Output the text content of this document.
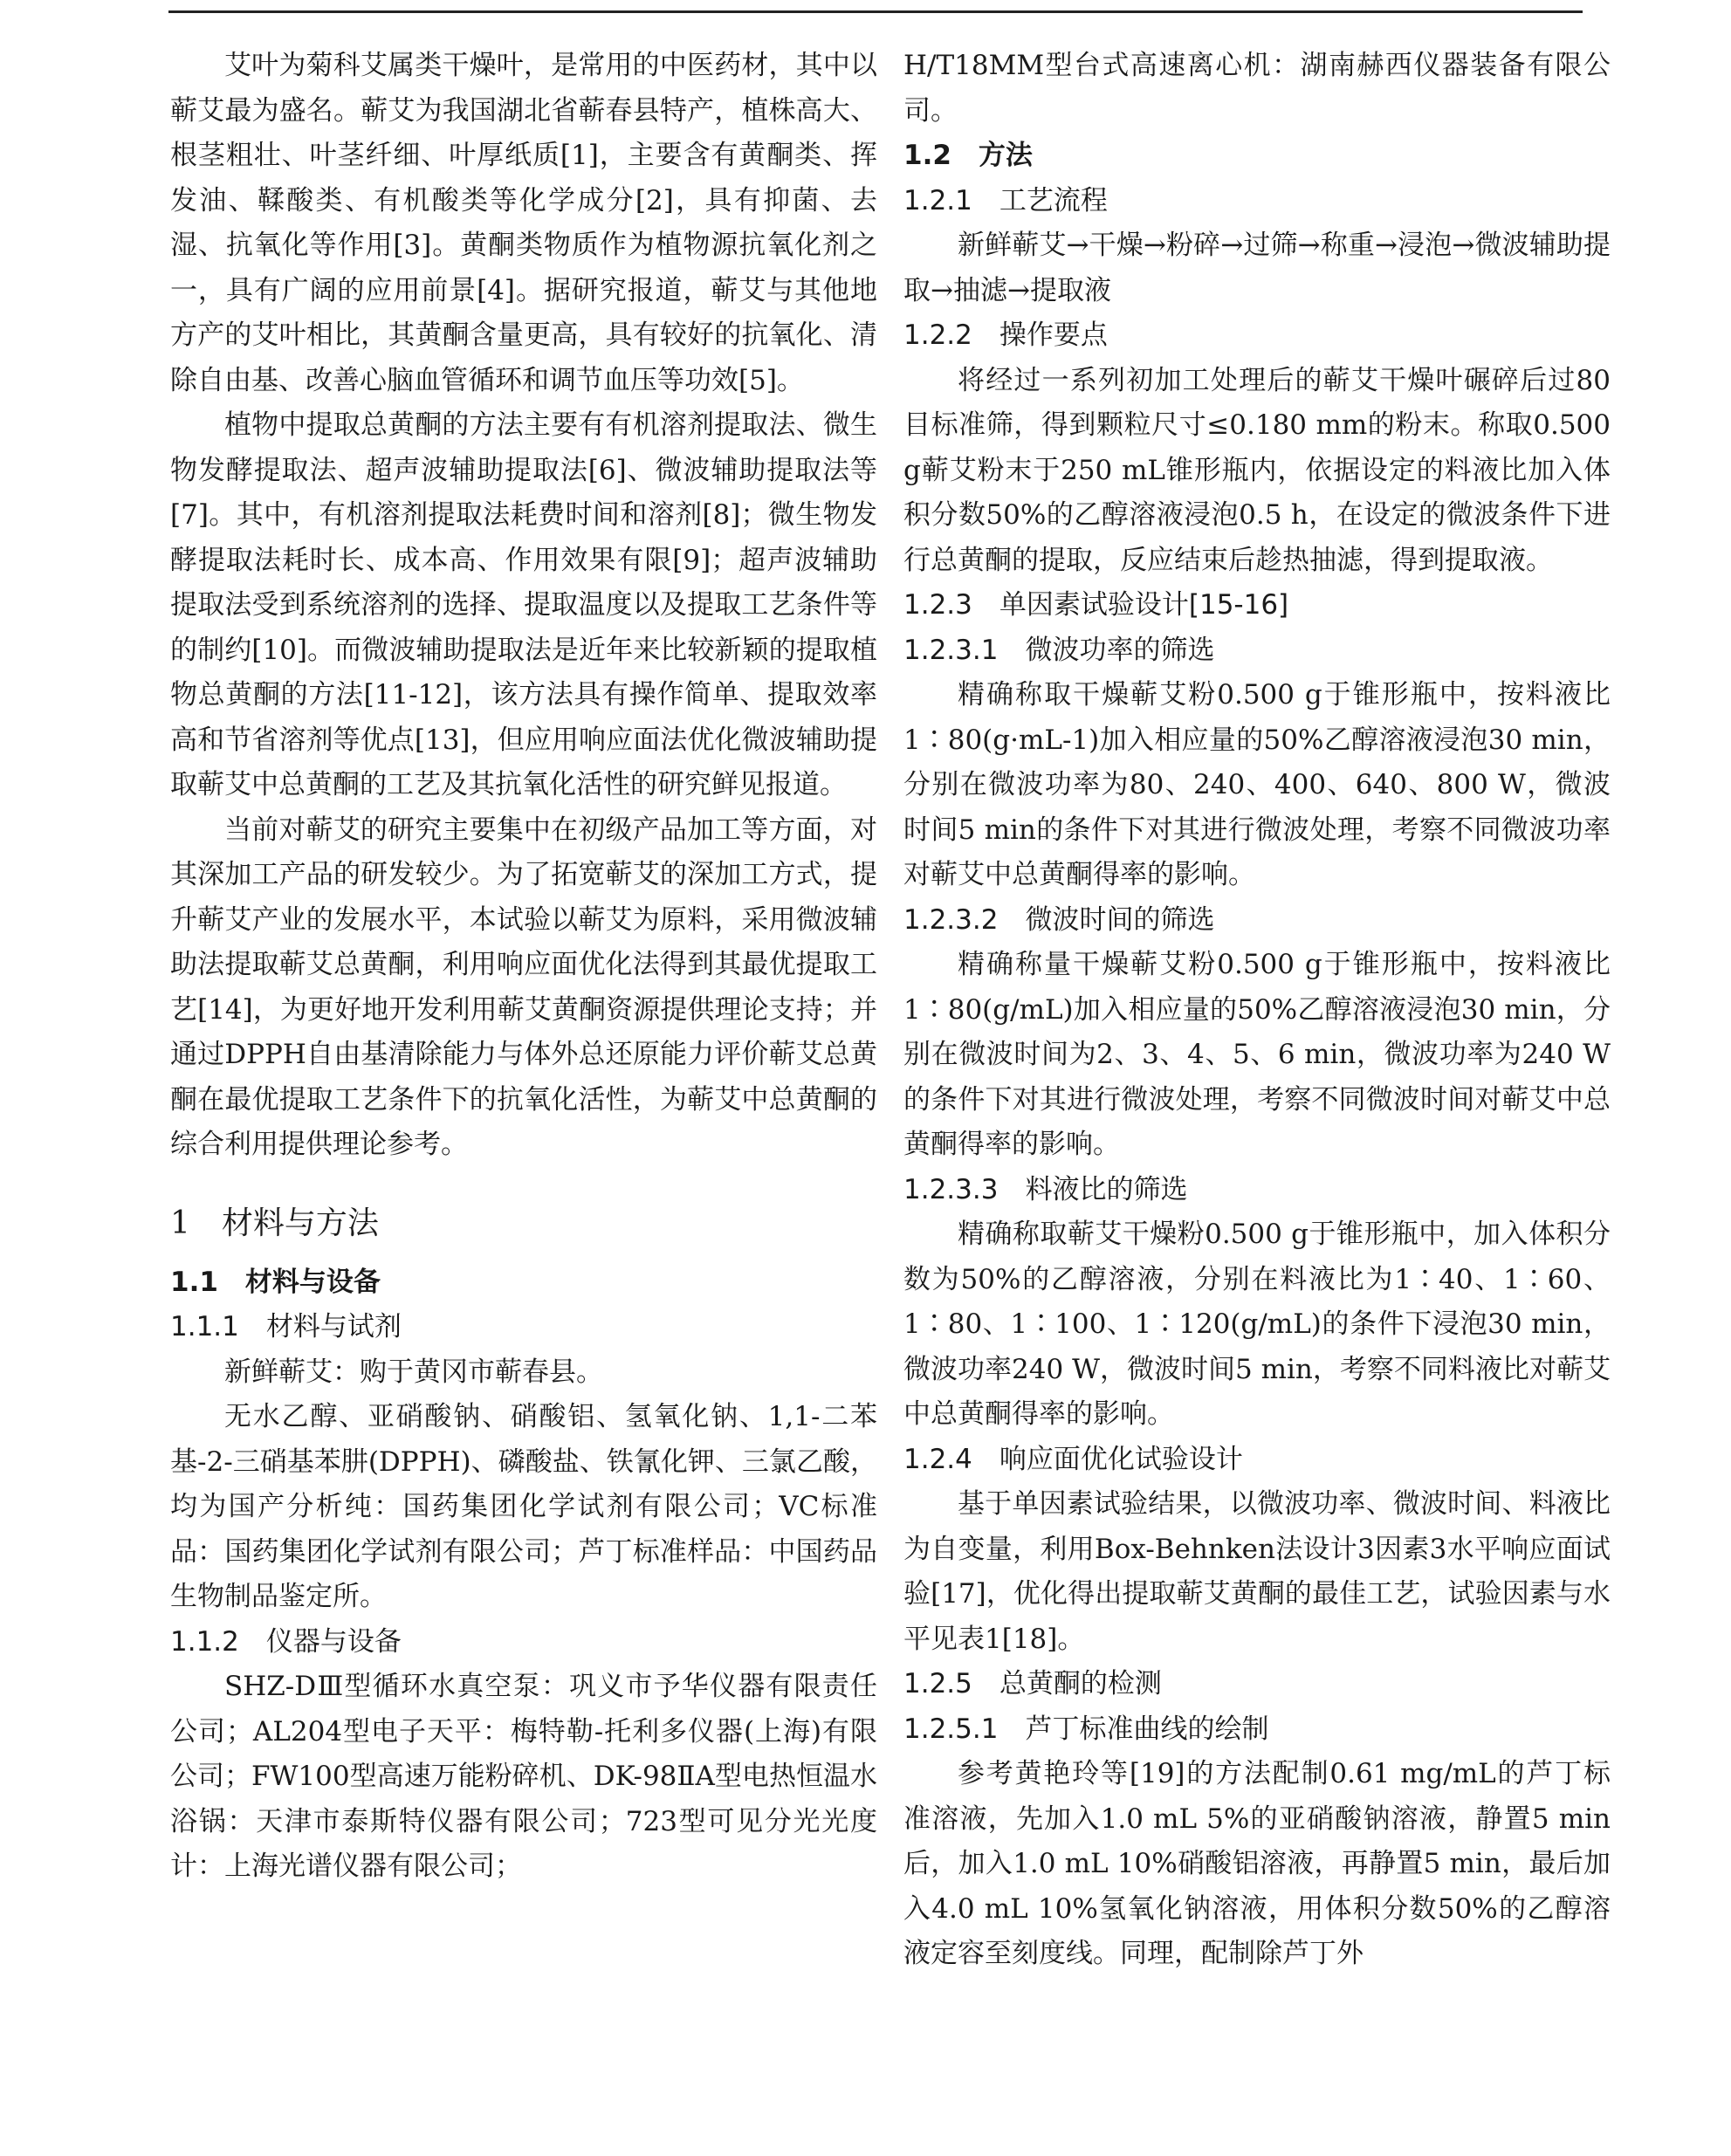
艾叶为菊科艾属类干燥叶，是常用的中医药材，其中以蕲艾最为盛名。蕲艾为我国湖北省蕲春县特产，植株高大、根茎粗壮、叶茎纤细、叶厚纸质[1]，主要含有黄酮类、挥发油、鞣酸类、有机酸类等化学成分[2]，具有抑菌、去湿、抗氧化等作用[3]。黄酮类物质作为植物源抗氧化剂之一，具有广阔的应用前景[4]。据研究报道，蕲艾与其他地方产的艾叶相比，其黄酮含量更高，具有较好的抗氧化、清除自由基、改善心脑血管循环和调节血压等功效[5]。

植物中提取总黄酮的方法主要有有机溶剂提取法、微生物发酵提取法、超声波辅助提取法[6]、微波辅助提取法等[7]。其中，有机溶剂提取法耗费时间和溶剂[8]；微生物发酵提取法耗时长、成本高、作用效果有限[9]；超声波辅助提取法受到系统溶剂的选择、提取温度以及提取工艺条件等的制约[10]。而微波辅助提取法是近年来比较新颖的提取植物总黄酮的方法[11-12]，该方法具有操作简单、提取效率高和节省溶剂等优点[13]，但应用响应面法优化微波辅助提取蕲艾中总黄酮的工艺及其抗氧化活性的研究鲜见报道。

当前对蕲艾的研究主要集中在初级产品加工等方面，对其深加工产品的研发较少。为了拓宽蕲艾的深加工方式，提升蕲艾产业的发展水平，本试验以蕲艾为原料，采用微波辅助法提取蕲艾总黄酮，利用响应面优化法得到其最优提取工艺[14]，为更好地开发利用蕲艾黄酮资源提供理论支持；并通过DPPH自由基清除能力与体外总还原能力评价蕲艾总黄酮在最优提取工艺条件下的抗氧化活性，为蕲艾中总黄酮的综合利用提供理论参考。

1　材料与方法
1.1　材料与设备
1.1.1　材料与试剂

新鲜蕲艾：购于黄冈市蕲春县。

无水乙醇、亚硝酸钠、硝酸铝、氢氧化钠、1,1-二苯基-2-三硝基苯肼(DPPH)、磷酸盐、铁氰化钾、三氯乙酸，均为国产分析纯：国药集团化学试剂有限公司；VC标准品：国药集团化学试剂有限公司；芦丁标准样品：中国药品生物制品鉴定所。

1.1.2　仪器与设备

SHZ-DⅢ型循环水真空泵：巩义市予华仪器有限责任公司；AL204型电子天平：梅特勒-托利多仪器(上海)有限公司；FW100型高速万能粉碎机、DK-98ⅡA型电热恒温水浴锅：天津市泰斯特仪器有限公司；723型可见分光光度计：上海光谱仪器有限公司；

H/T18MM型台式高速离心机：湖南赫西仪器装备有限公司。

1.2　方法
1.2.1　工艺流程

新鲜蕲艾→干燥→粉碎→过筛→称重→浸泡→微波辅助提取→抽滤→提取液

1.2.2　操作要点

将经过一系列初加工处理后的蕲艾干燥叶碾碎后过80目标准筛，得到颗粒尺寸≤0.180 mm的粉末。称取0.500 g蕲艾粉末于250 mL锥形瓶内，依据设定的料液比加入体积分数50%的乙醇溶液浸泡0.5 h，在设定的微波条件下进行总黄酮的提取，反应结束后趁热抽滤，得到提取液。

1.2.3　单因素试验设计[15-16]
1.2.3.1　微波功率的筛选

精确称取干燥蕲艾粉0.500 g于锥形瓶中，按料液比1∶80(g·mL-1)加入相应量的50%乙醇溶液浸泡30 min，分别在微波功率为80、240、400、640、800 W，微波时间5 min的条件下对其进行微波处理，考察不同微波功率对蕲艾中总黄酮得率的影响。

1.2.3.2　微波时间的筛选

精确称量干燥蕲艾粉0.500 g于锥形瓶中，按料液比1∶80(g/mL)加入相应量的50%乙醇溶液浸泡30 min，分别在微波时间为2、3、4、5、6 min，微波功率为240 W的条件下对其进行微波处理，考察不同微波时间对蕲艾中总黄酮得率的影响。

1.2.3.3　料液比的筛选

精确称取蕲艾干燥粉0.500 g于锥形瓶中，加入体积分数为50%的乙醇溶液，分别在料液比为1∶40、1∶60、1∶80、1∶100、1∶120(g/mL)的条件下浸泡30 min，微波功率240 W，微波时间5 min，考察不同料液比对蕲艾中总黄酮得率的影响。

1.2.4　响应面优化试验设计

基于单因素试验结果，以微波功率、微波时间、料液比为自变量，利用Box-Behnken法设计3因素3水平响应面试验[17]，优化得出提取蕲艾黄酮的最佳工艺，试验因素与水平见表1[18]。

1.2.5　总黄酮的检测
1.2.5.1　芦丁标准曲线的绘制

参考黄艳玲等[19]的方法配制0.61 mg/mL的芦丁标准溶液，先加入1.0 mL 5%的亚硝酸钠溶液，静置5 min后，加入1.0 mL 10%硝酸铝溶液，再静置5 min，最后加入4.0 mL 10%氢氧化钠溶液，用体积分数50%的乙醇溶液定容至刻度线。同理，配制除芦丁外
